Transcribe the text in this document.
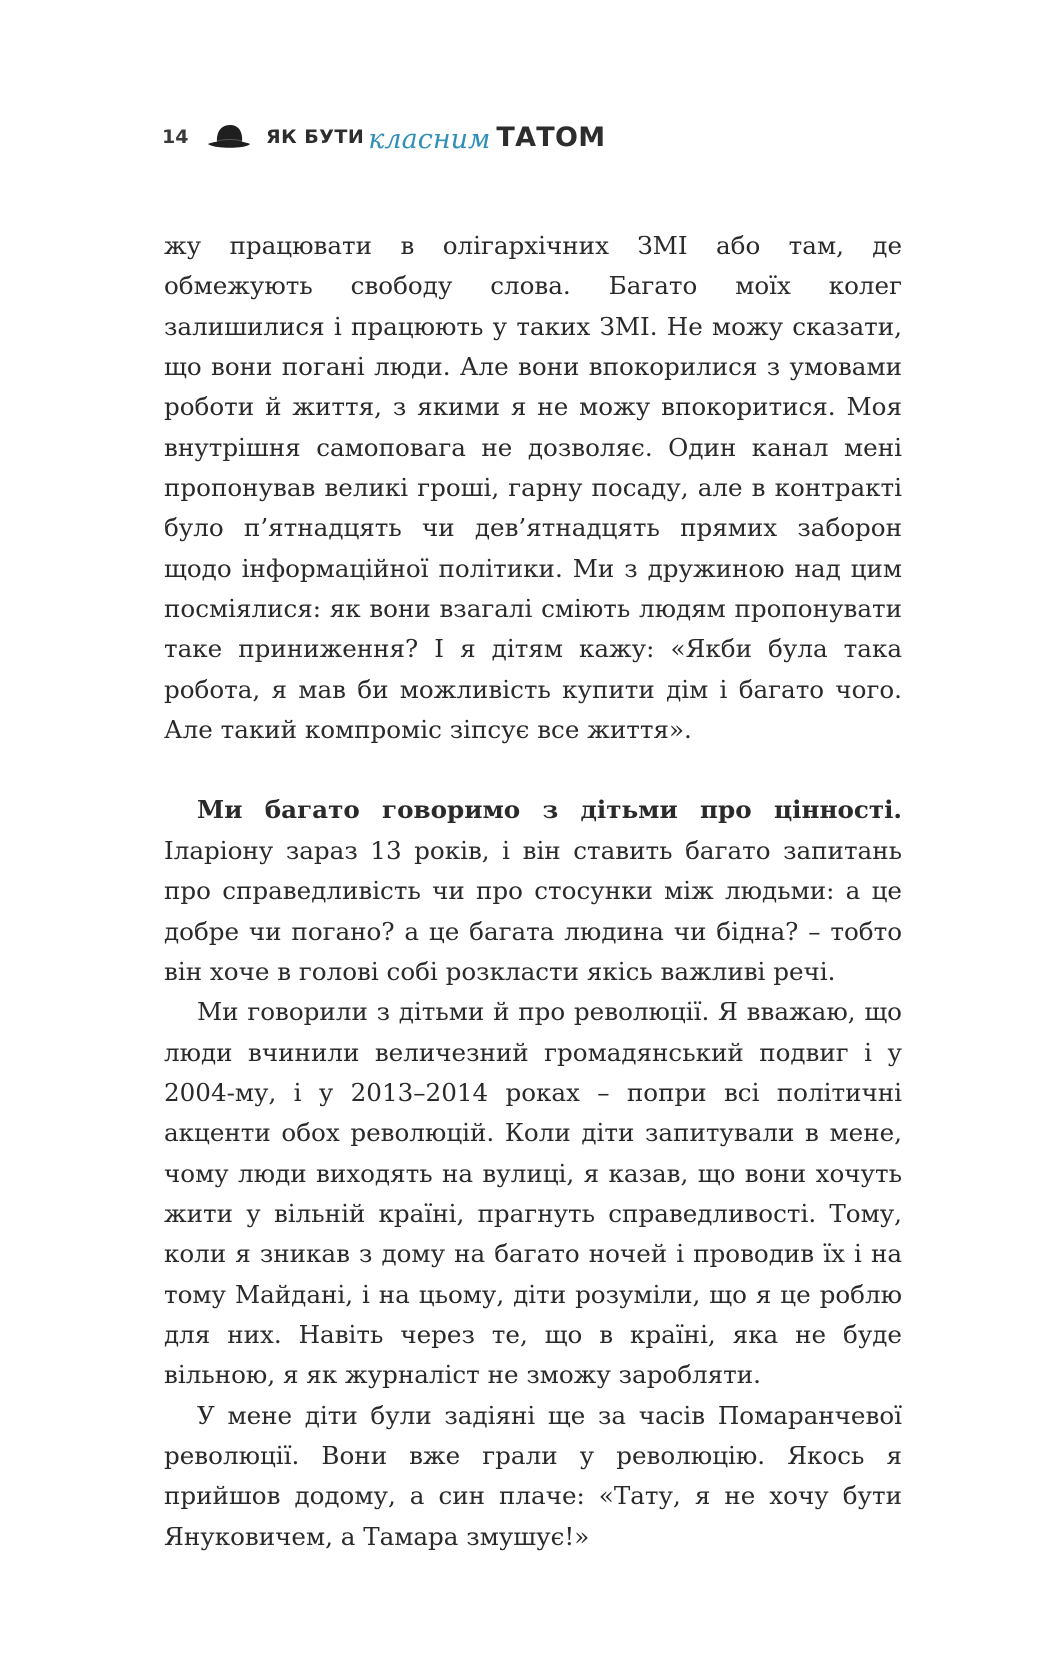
14	ЯК БУТИ класним ТАТОМ

жу працювати в олігархічних ЗМІ або там, де обмежують свободу слова. Багато моїх колег залишилися і працюють у таких ЗМІ. Не можу сказати, що вони погані люди. Але вони впокорилися з умовами роботи й життя, з якими я не можу впокоритися. Моя внутрішня самоповага не дозволяє. Один канал мені пропонував великі гроші, гарну посаду, але в контракті було п’ятнадцять чи дев’ятнадцять прямих заборон щодо інформаційної політики. Ми з дружиною над цим посміялися: як вони взагалі сміють людям пропонувати таке приниження? І я дітям кажу: «Якби була така робота, я мав би можливість купити дім і багато чого. Але такий компроміс зіпсує все життя».

Ми багато говоримо з дітьми про цінності. Іларіону зараз 13 років, і він ставить багато запитань про справедливість чи про стосунки між людьми: а це добре чи погано? а це багата людина чи бідна? – тобто він хоче в голові собі розкласти якісь важливі речі.

Ми говорили з дітьми й про революції. Я вважаю, що люди вчинили величезний громадянський подвиг і у 2004-му, і у 2013–2014 роках – попри всі політичні акценти обох революцій. Коли діти запитували в мене, чому люди виходять на вулиці, я казав, що вони хочуть жити у вільній країні, прагнуть справедливості. Тому, коли я зникав з дому на багато ночей і проводив їх і на тому Майдані, і на цьому, діти розуміли, що я це роблю для них. Навіть через те, що в країні, яка не буде вільною, я як журналіст не зможу заробляти.

У мене діти були задіяні ще за часів Помаранчевої революції. Вони вже грали у революцію. Якось я прийшов додому, а син плаче: «Тату, я не хочу бути Януковичем, а Тамара змушує!»
